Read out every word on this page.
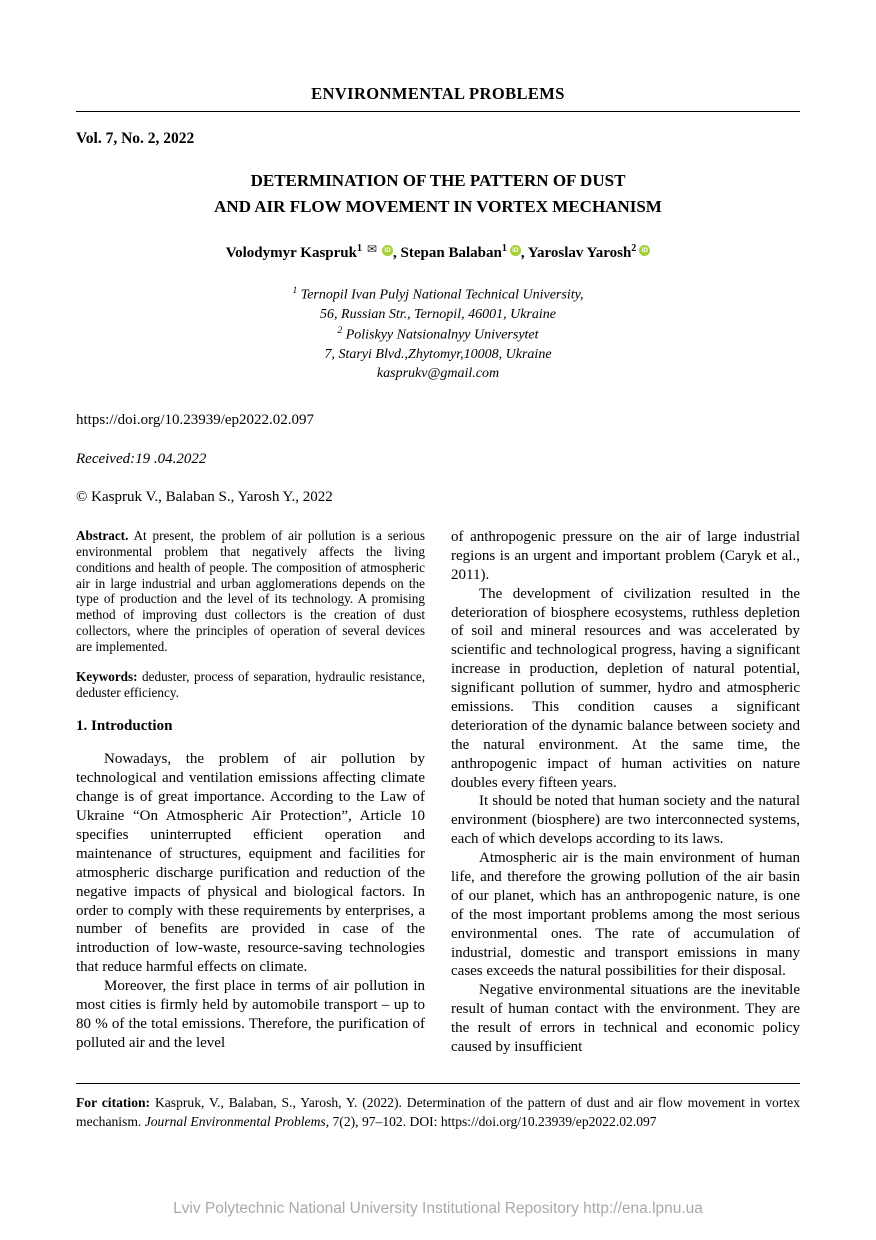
ENVIRONMENTAL PROBLEMS
Vol. 7, No. 2, 2022
DETERMINATION OF THE PATTERN OF DUST
AND AIR FLOW MOVEMENT IN VORTEX MECHANISM
Volodymyr Kaspruk$^1$ ✉ iD , Stepan Balaban$^1$ iD , Yaroslav Yarosh$^2$ iD
$^1$ Ternopil Ivan Pulyj National Technical University,
56, Russian Str., Ternopil, 46001, Ukraine
$^2$ Poliskyy Natsionalnyy Universytet
7, Staryi Blvd.,Zhytomyr,10008, Ukraine
kasprukv@gmail.com
https://doi.org/10.23939/ep2022.02.097
Received:19 .04.2022
© Kaspruk V., Balaban S., Yarosh Y., 2022

Abstract. At present, the problem of air pollution is a serious environmental problem that negatively affects the living conditions and health of people. The composition of atmospheric air in large industrial and urban agglomerations depends on the type of production and the level of its technology. A promising method of improving dust collectors is the creation of dust collectors, where the principles of operation of several devices are implemented.

Keywords: deduster, process of separation, hydraulic resistance, deduster efficiency.

1. Introduction

Nowadays, the problem of air pollution by technological and ventilation emissions affecting climate change is of great importance. According to the Law of Ukraine “On Atmospheric Air Protection”, Article 10 specifies uninterrupted efficient operation and maintenance of structures, equipment and facilities for atmospheric discharge purification and reduction of the negative impacts of physical and biological factors. In order to comply with these requirements by enterprises, a number of benefits are provided in case of the introduction of low-waste, resource-saving technologies that reduce harmful effects on climate.

Moreover, the first place in terms of air pollution in most cities is firmly held by automobile transport – up to 80 % of the total emissions. Therefore, the purification of polluted air and the level

of anthropogenic pressure on the air of large industrial regions is an urgent and important problem (Caryk et al., 2011).

The development of civilization resulted in the deterioration of biosphere ecosystems, ruthless depletion of soil and mineral resources and was accelerated by scientific and technological progress, having a significant increase in production, depletion of natural potential, significant pollution of summer, hydro and atmospheric emissions. This condition causes a significant deterioration of the dynamic balance between society and the natural environment. At the same time, the anthropogenic impact of human activities on nature doubles every fifteen years.

It should be noted that human society and the natural environment (biosphere) are two interconnected systems, each of which develops according to its laws.

Atmospheric air is the main environment of human life, and therefore the growing pollution of the air basin of our planet, which has an anthropogenic nature, is one of the most important problems among the most serious environmental ones. The rate of accumulation of industrial, domestic and transport emissions in many cases exceeds the natural possibilities for their disposal.

Negative environmental situations are the inevitable result of human contact with the environment. They are the result of errors in technical and economic policy caused by insufficient

For citation: Kaspruk, V., Balaban, S., Yarosh, Y. (2022). Determination of the pattern of dust and air flow movement in vortex mechanism. Journal Environmental Problems, 7(2), 97–102. DOI: https://doi.org/10.23939/ep2022.02.097

Lviv Polytechnic National University Institutional Repository http://ena.lpnu.ua
